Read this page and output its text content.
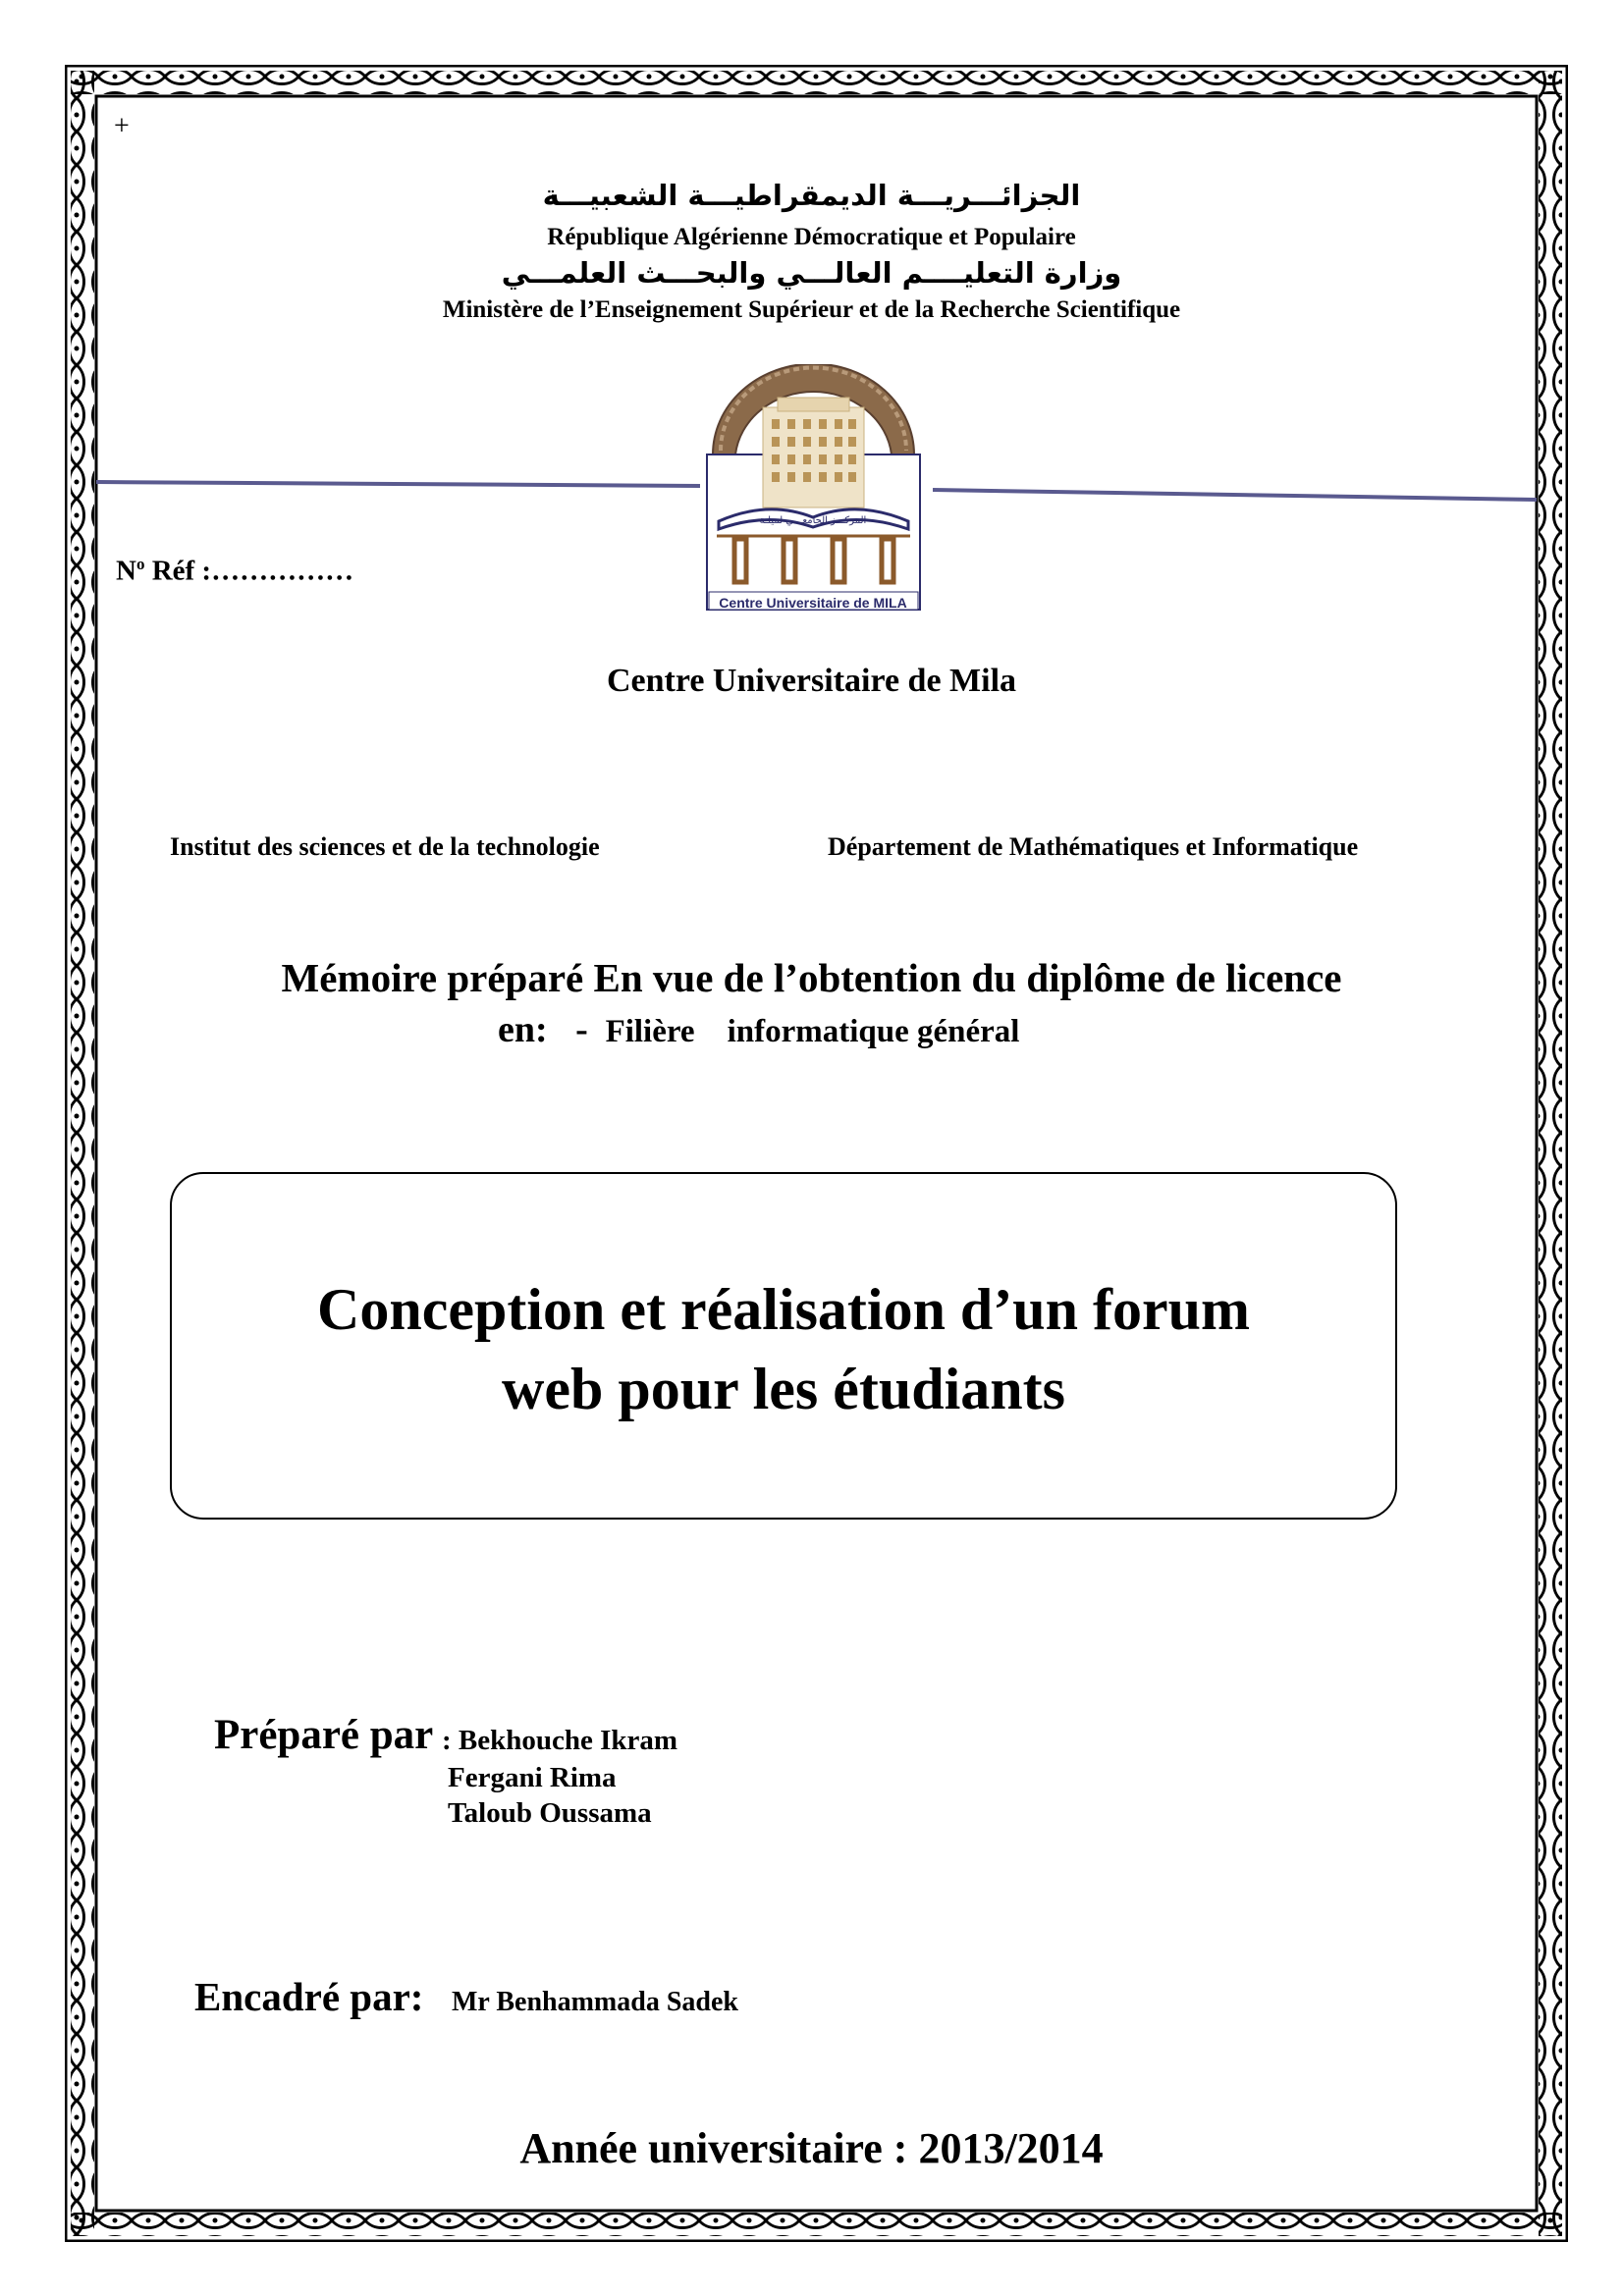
+
الجزائـــريـــة الديمقراطيـــة الشعبيـــة
République Algérienne Démocratique et Populaire
وزارة التعليــــم العالـــي والبحـــث العلمـــي
Ministère de l’Enseignement Supérieur et de la Recherche Scientifique
المركـــز الجامعـــي لميلـة
Centre Universitaire de MILA
$N^o$ Réf :……………
Centre Universitaire de Mila
Institut des sciences et de la technologie	Département de Mathématiques et Informatique
Mémoire préparé En vue de l’obtention du diplôme de licence
en:   -  Filière    informatique général
Conception et réalisation d’un forum
web pour les étudiants
Préparé par : Bekhouche Ikram
Fergani Rima
Taloub Oussama
Encadré par: Mr Benhammada Sadek
Année universitaire : 2013/2014
